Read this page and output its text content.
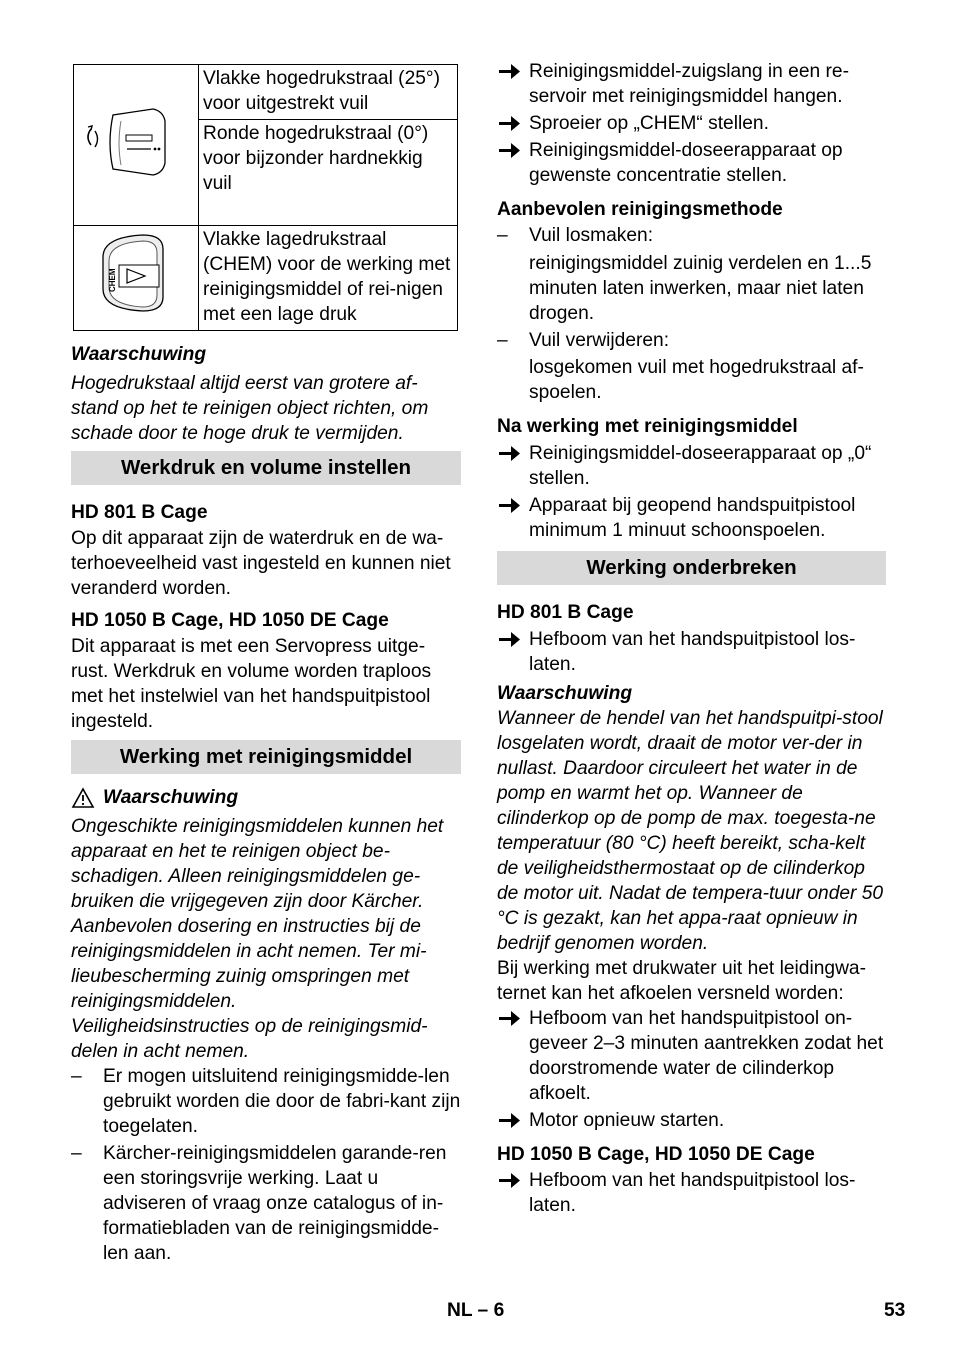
	Vlakke hogedrukstraal (25°) voor uitgestrekt vuil
	Ronde hogedrukstraal (0°) voor bijzonder hardnekkig vuil

CHEM	Vlakke lagedrukstraal (CHEM) voor de werking met reinigingsmiddel of rei-nigen met een lage druk

Waarschuwing

Hogedrukstaal altijd eerst van grotere af-stand op het te reinigen object richten, om schade door te hoge druk te vermijden.

Werkdruk en volume instellen

HD 801 B Cage

Op dit apparaat zijn de waterdruk en de wa-terhoeveelheid vast ingesteld en kunnen niet veranderd worden.

HD 1050 B Cage, HD 1050 DE Cage

Dit apparaat is met een Servopress uitge-rust. Werkdruk en volume worden traploos met het instelwiel van het handspuitpistool ingesteld.

Werking met reinigingsmiddel
Waarschuwing

Ongeschikte reinigingsmiddelen kunnen het apparaat en het te reinigen object be-schadigen. Alleen reinigingsmiddelen ge-bruiken die vrijgegeven zijn door Kärcher. Aanbevolen dosering en instructies bij de reinigingsmiddelen in acht nemen. Ter mi-lieubescherming zuinig omspringen met reinigingsmiddelen.

Veiligheidsinstructies op de reinigingsmid-delen in acht nemen.

– Er mogen uitsluitend reinigingsmidde-len gebruikt worden die door de fabri-kant zijn toegelaten.
– Kärcher-reinigingsmiddelen garande-ren een storingsvrije werking. Laat u adviseren of vraag onze catalogus of in-formatiebladen van de reinigingsmidde-len aan.
Reinigingsmiddel-zuigslang in een re-servoir met reinigingsmiddel hangen.
Sproeier op „CHEM“ stellen.
Reinigingsmiddel-doseerapparaat op gewenste concentratie stellen.

Aanbevolen reinigingsmethode

– Vuil losmaken:

reinigingsmiddel zuinig verdelen en 1...5 minuten laten inwerken, maar niet laten drogen.

– Vuil verwijderen:

losgekomen vuil met hogedrukstraal af-spoelen.

Na werking met reinigingsmiddel

Reinigingsmiddel-doseerapparaat op „0“ stellen.
Apparaat bij geopend handspuitpistool minimum 1 minuut schoonspoelen.
Werking onderbreken

HD 801 B Cage

Hefboom van het handspuitpistool los-laten.

Waarschuwing

Wanneer de hendel van het handspuitpi-stool losgelaten wordt, draait de motor ver-der in nullast. Daardoor circuleert het water in de pomp en warmt het op. Wanneer de cilinderkop op de pomp de max. toegesta-ne temperatuur (80 °C) heeft bereikt, scha-kelt de veiligheidsthermostaat op de cilinderkop de motor uit. Nadat de tempera-tuur onder 50 °C is gezakt, kan het appa-raat opnieuw in bedrijf genomen worden.

Bij werking met drukwater uit het leidingwa-ternet kan het afkoelen versneld worden:

Hefboom van het handspuitpistool on-geveer 2–3 minuten aantrekken zodat het doorstromende water de cilinderkop afkoelt.
Motor opnieuw starten.

HD 1050 B Cage, HD 1050 DE Cage

Hefboom van het handspuitpistool los-laten.
NL – 6	53
